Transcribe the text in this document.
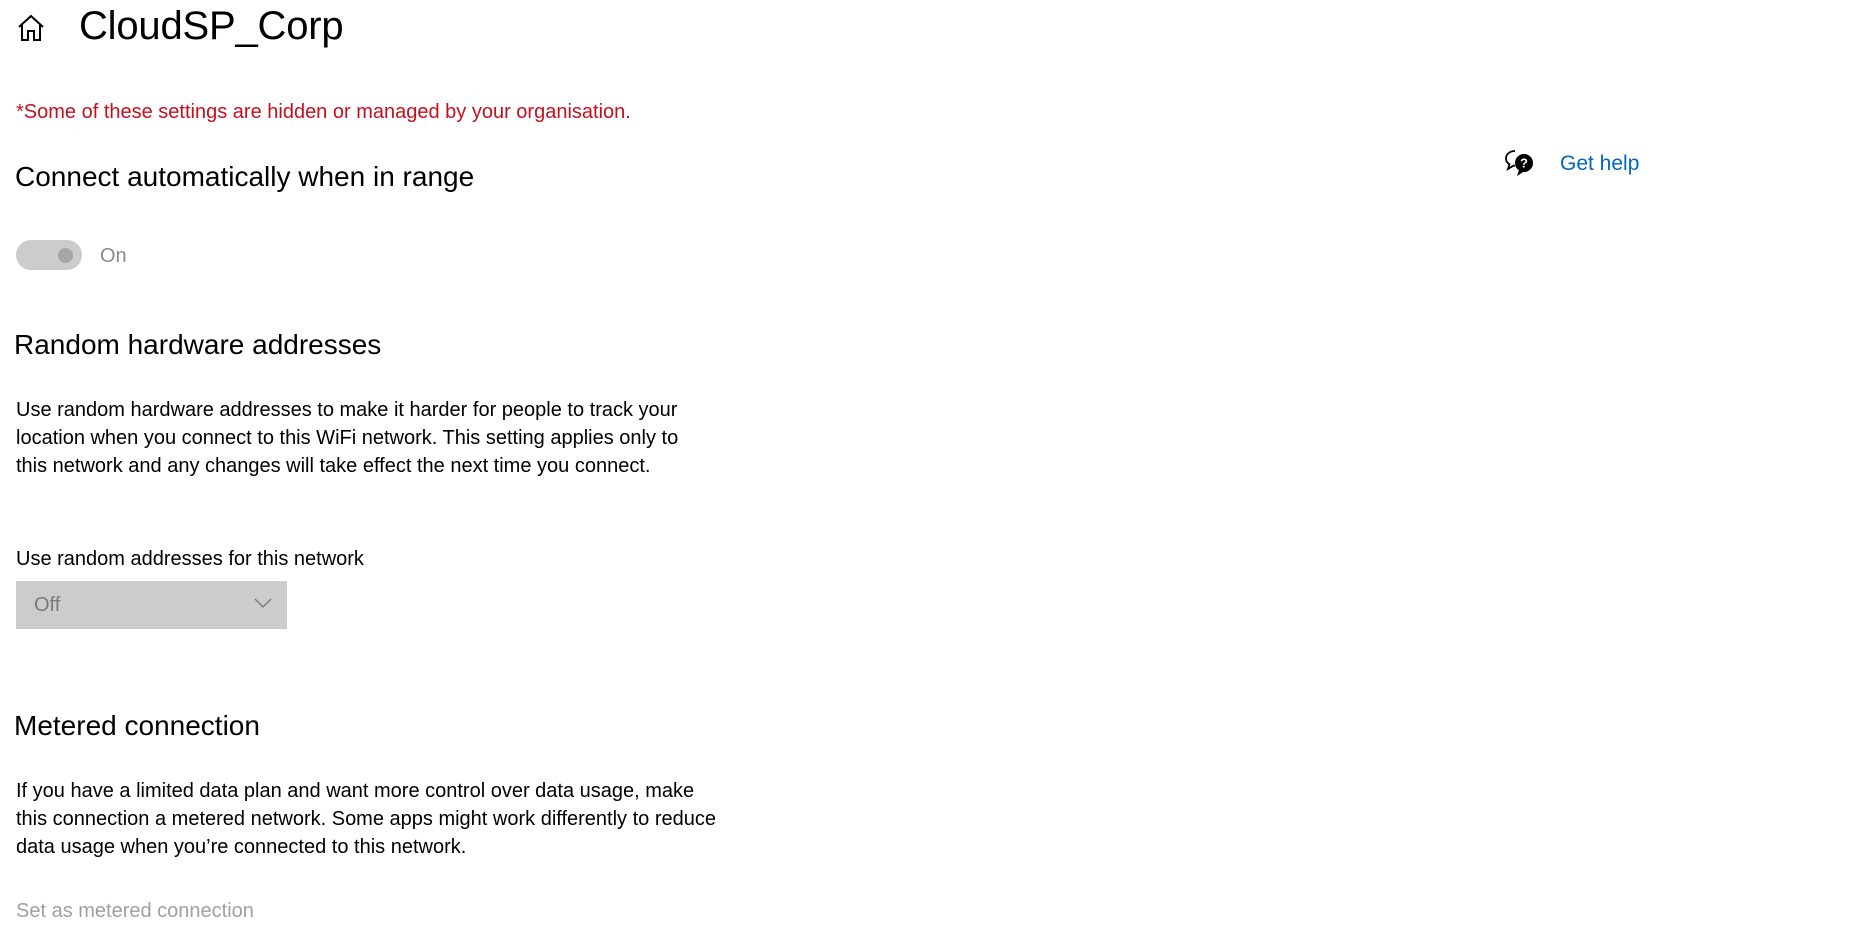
CloudSP_Corp
*Some of these settings are hidden or managed by your organisation.
Connect automatically when in range
On
Random hardware addresses
Use random hardware addresses to make it harder for people to track your location when you connect to this WiFi network. This setting applies only to this network and any changes will take effect the next time you connect.
Use random addresses for this network
Off
Metered connection
If you have a limited data plan and want more control over data usage, make this connection a metered network. Some apps might work differently to reduce data usage when you’re connected to this network.
Set as metered connection
? Get help
